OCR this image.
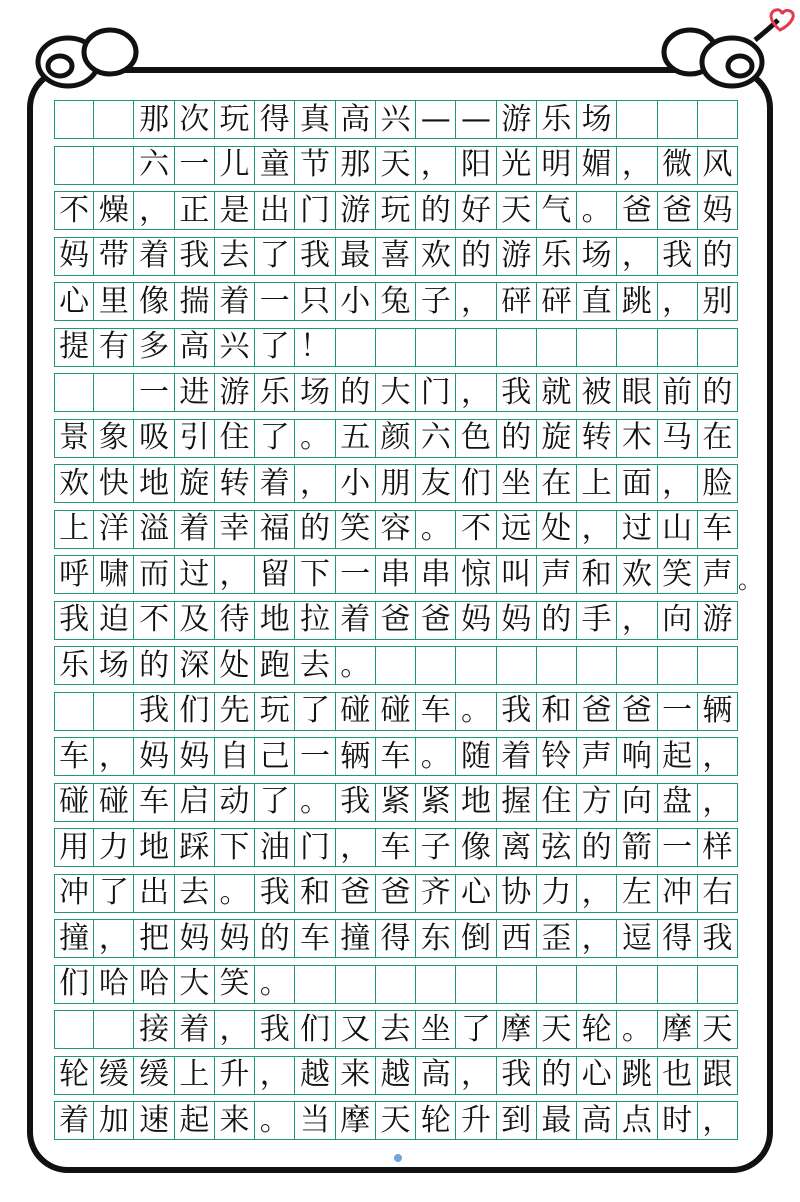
那 次 玩 得 真 高 兴 — — 游 乐 场
六 一 儿 童 节 那 天 ， 阳 光 明 媚 ， 微 风
不 燥 ， 正 是 出 门 游 玩 的 好 天 气 。 爸 爸 妈
妈 带 着 我 去 了 我 最 喜 欢 的 游 乐 场 ， 我 的
心 里 像 揣 着 一 只 小 兔 子 ， 砰 砰 直 跳 ， 别
提 有 多 高 兴 了 ！
一 进 游 乐 场 的 大 门 ， 我 就 被 眼 前 的
景 象 吸 引 住 了 。 五 颜 六 色 的 旋 转 木 马 在
欢 快 地 旋 转 着 ， 小 朋 友 们 坐 在 上 面 ， 脸
上 洋 溢 着 幸 福 的 笑 容 。 不 远 处 ， 过 山 车
呼 啸 而 过 ， 留 下 一 串 串 惊 叫 声 和 欢 笑 声 。
我 迫 不 及 待 地 拉 着 爸 爸 妈 妈 的 手 ， 向 游
乐 场 的 深 处 跑 去 。
我 们 先 玩 了 碰 碰 车 。 我 和 爸 爸 一 辆
车 ， 妈 妈 自 己 一 辆 车 。 随 着 铃 声 响 起 ，
碰 碰 车 启 动 了 。 我 紧 紧 地 握 住 方 向 盘 ，
用 力 地 踩 下 油 门 ， 车 子 像 离 弦 的 箭 一 样
冲 了 出 去 。 我 和 爸 爸 齐 心 协 力 ， 左 冲 右
撞 ， 把 妈 妈 的 车 撞 得 东 倒 西 歪 ， 逗 得 我
们 哈 哈 大 笑 。
接 着 ， 我 们 又 去 坐 了 摩 天 轮 。 摩 天
轮 缓 缓 上 升 ， 越 来 越 高 ， 我 的 心 跳 也 跟
着 加 速 起 来 。 当 摩 天 轮 升 到 最 高 点 时 ，
